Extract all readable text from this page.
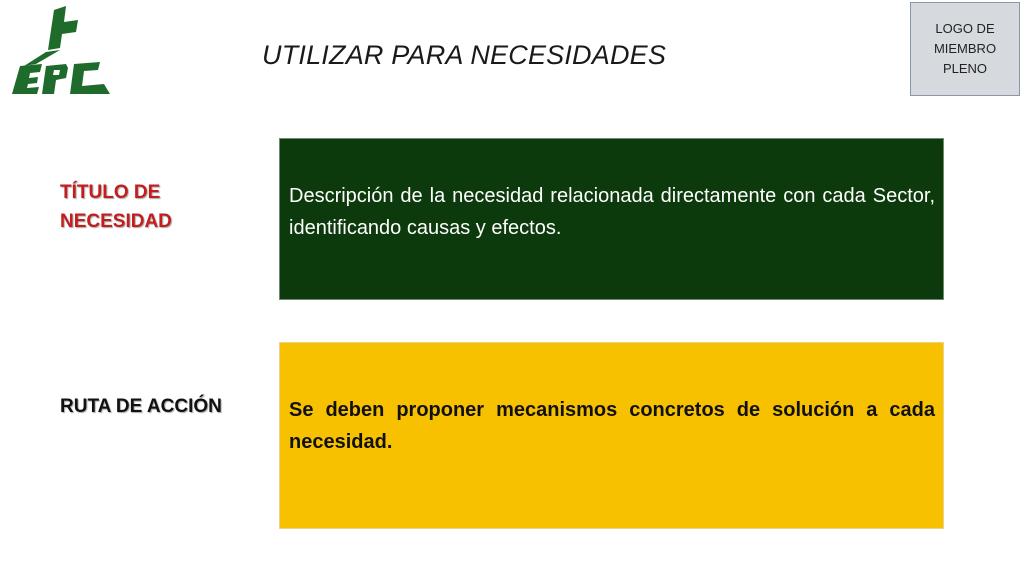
UTILIZAR PARA NECESIDADES
LOGO DE MIEMBRO PLENO
TÍTULO DE NECESIDAD

Descripción de la necesidad relacionada directamente con cada Sector, identificando causas y efectos.

RUTA DE ACCIÓN	Se deben proponer mecanismos concretos de solución a cada necesidad.
